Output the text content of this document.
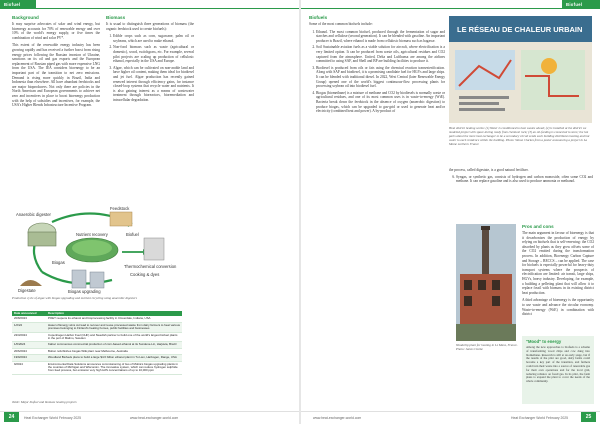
Biofuel
Background

It may surprise advocates of solar and wind energy, but bioenergy accounts for 70% of renewable energy and over 10% of the world's energy supply, or five times the combination of wind and solar PV*.

This extent of the renewable energy industry has been growing rapidly and has received a further boost from rising energy prices following the Russian invasion of Ukraine, sanctions on its oil and gas exports and the European replacement of Russian piped gas with more expensive LNG from the USA. The IEA considers bioenergy to be an important part of the transition to net zero emissions. Demand is rising more quickly in Brazil, India and Indonesia than elsewhere. All have abundant feedstocks and are major bioproducers. Not only there are policies in the North American and European governments to achieve net zero and incentives in place to boost bioenergy production with the help of subsidies and incentives, for example, the USA's Higher Blends Infrastructure Incentive Program.

Biomass

It is usual to distinguish three generations of biomass (the organic feedstock used to create biofuels):

1. Edible crops such as corn, sugarcane, palm oil or soybeans, which are used to make ethanol.
2. Non-food biomass such as waste (agricultural or domestic), wood, switchgrass, etc. For example, several pilot projects are scaling up production of cellulosic ethanol, especially in the USA and Europe.
3. Algae, which can be cultivated on non-arable land and have higher oil content, making them ideal for biodiesel and jet fuel. Algae production has recently gained renewed interest through efficiency gains, for instance closed-loop systems that recycle water and nutrients. It is also gaining interest as a means of wastewater treatment through bioreactors, bioremediation and intracellular degradation.
Anaerobic digester
Feedstock
Nutrient recovery
Biogas
Digestate	Biogas upgrading
Biofuel
Thermochemical conversion
Cooking & dyes
Production cycle of algae with biogas upgrading and nutrient recycling using anaerobic digesters
Date announced	Description
20/8/2023	POET reopens its ethanol and bioprocessing facility in Cloverdale, Indiana, USA
1/2/24	Hasel of Energy wins cut lead to recover and reuse processed waste from dairy farmers to heat various premises belonging to Finland's heating homes, public facilities and businesses
22/3/2024	Copenhagen Harbor Fuel (CHF) and Swedish partner to build one of the world's largest biofuel plants in the port of Malmo, Sweden
1/6/2024	Kaltoc commences commercial production of corn-based ethanol at its Sundene-Lin, Harjavta, Brazil
20/6/2024	Bolton refurbishes biogas WtE plant near Melbourne, Australia
19/9/2024	Woodland Biofuels plans to build a large $4.6 billion ethanol plant in Tu Lien, Harbogen, Range, USA
9/2024	Environmental Data Solutions announces commissioning of two of Mobia's biogas upgrading plants in the counties of Michigan and Wisconsin. The innovative system, which can reduce hydrogen sulphide from feed process, but emission very high H2S concentrations of up to 10,000 ppm
Table: Major biofuel and biomass heating projects
24	Heat Exchanger World February 2025	www.heat-exchanger-world.com
Biofuel
Biofuels

Some of the most common biofuels include:

1. Ethanol. The most common biofuel, produced through the fermentation of sugar and starches and cellulose (second generation). It can be blended with gasoline. An important producer is Brazil, where ethanol is made from cellulosic biomass such as bagasse.
2. Soil Sustainable aviation fuels as a viable solution for aircraft, where electrification is a very limited option. It can be produced from waste oils, agricultural residues and CO2 captured from the atmosphere. United, Delta and Lufthansa are among the airlines committed to using SAF, and Shell and BP are building facilities to produce it.
3. Biodiesel is produced from oils or fats using the chemical reaction transesterification. Along with SAF and biodiesel, it is a promising candidate fuel for HGVs and large ships. It can be blended with traditional diesel. In 2022, West Central (later Renewable Energy Group) opened one of the world's biggest continuous-flow processing plants for processing soybean oil into biodiesel fuel.
4. Biogas (biomethane) is a mixture of methane and CO2 by biodiesels is normally waste or agricultural residues, and one of its most common uses is in waste-to-energy (WtE). Bacteria break down the feedstock in the absence of oxygen (anaerobic digestion) to produce biogas, which can be upgraded to gas-grid or used to generate heat and/or electricity (combined heat and power). A by-product of
LE RÉSEAU DE CHALEUR URBAIN
Heat district heating works: (1) Water is conditioned to heat wastes ahead; (2) is installed at the district we modeled project with space during ready from chemical rock; (3) an oil-feeding is connected to store; the hot parts about the more heat exchanger to be a secondary circuit sends each building distributes heating and hot water to each residence within the building. Photo: Simon Clarkes from a poster announcing a project in La Mome northern France
the process, called digestate, is a good natural fertiliser.
6. Syngas, or synthetic gas, consists of hydrogen and carbon monoxide, often some CO2 and methane. It can replace gasoline and is also used to produce ammonia or methanol.
Woodchip plant for heating in Le Mans, France. Photo: James Clarke
Pros and cons

The main argument in favour of bioenergy is that it decarbonises the production of energy by relying on biofuels that is self-renewing: the CO2 absorbed by plants as they grow offsets some of the CO2 emitted during the transformation process. In addition, Bioenergy Carbon Capture and Storage – BECCS – can be applied. The case for biofuels is especially powerful for heavy-duty transport systems where the prospects of electrification are limited: air transit, large ships, HGVs, heavy industry. Developing, for example, a building a pelleting plant that will allow it to replace fossil with biomass in its existing district heat production.

A third advantage of bioenergy is the opportunity to use waste and advance the circular economy. Waste-to-energy (WtE) in combination with district

"Mood" to energy

Among the new approaches to biofuels is a scheme of transforming wood chips and cow dung into biomethane. Research is still at an early stage, but if the results of the pilot are good, dairy farms could become a key part of the transition, and farmers could turn their waste into a source of renewable gas for their own operations and for the local grid, reducing reliance on fossil gas. In its pilot, the farm plans to expand the plant to cover the needs of the whole community.

www.heat-exchanger-world.com	Heat Exchanger World February 2025	25
